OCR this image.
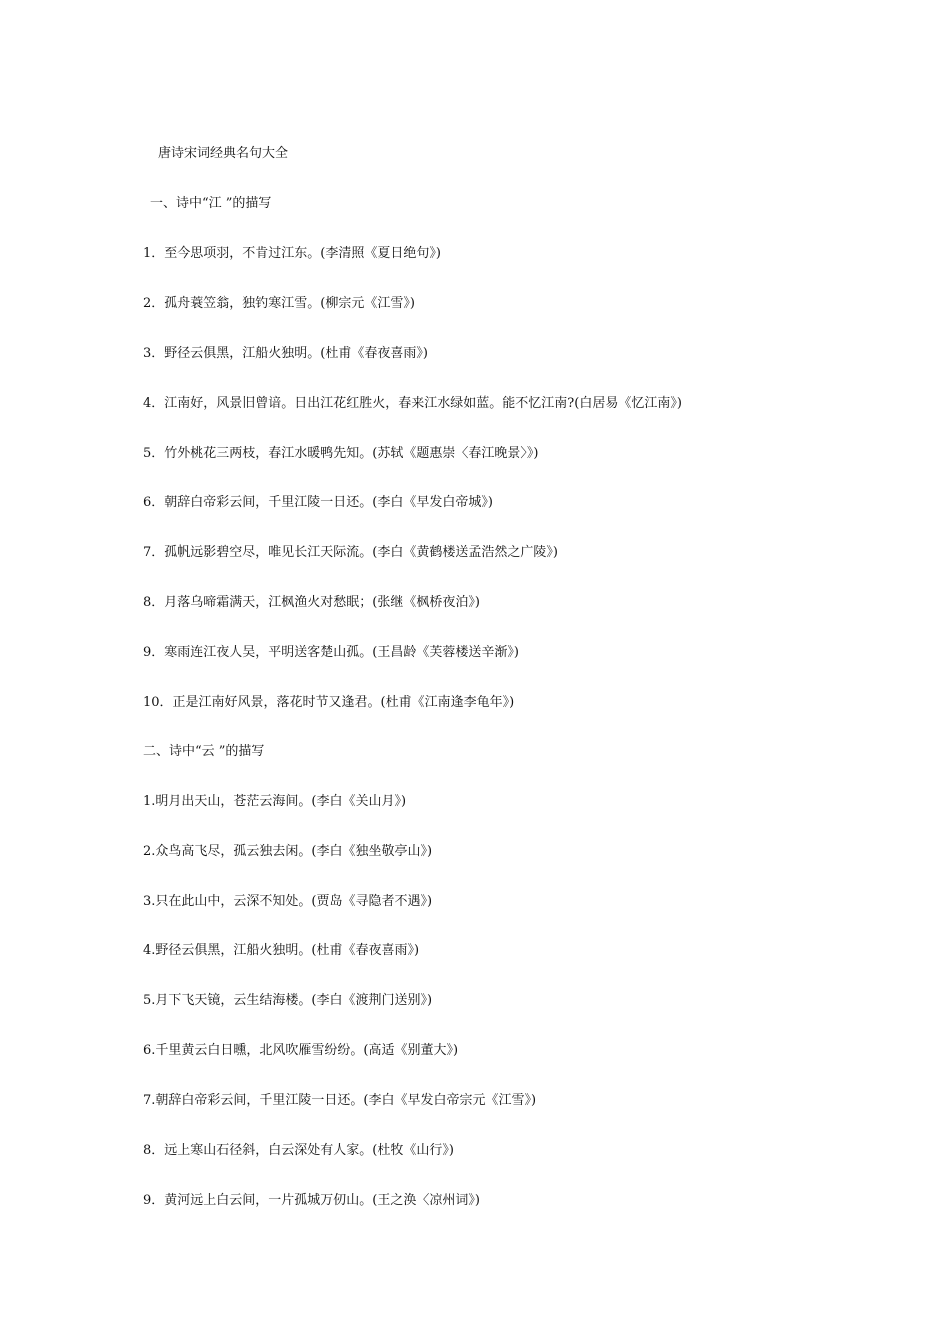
唐诗宋词经典名句大全
一、诗中“江 ”的描写
1．至今思项羽，不肯过江东。(李清照《夏日绝句》)
2．孤舟蓑笠翁，独钓寒江雪。(柳宗元《江雪》)
3．野径云俱黑，江船火独明。(杜甫《春夜喜雨》)
4．江南好，风景旧曾谙。日出江花红胜火，春来江水绿如蓝。能不忆江南?(白居易《忆江南》)
5．竹外桃花三两枝，春江水暖鸭先知。(苏轼《题惠崇〈春江晚景〉》)
6．朝辞白帝彩云间，千里江陵一日还。(李白《早发白帝城》)
7．孤帆远影碧空尽，唯见长江天际流。(李白《黄鹤楼送孟浩然之广陵》)
8．月落乌啼霜满天，江枫渔火对愁眠；(张继《枫桥夜泊》)
9．寒雨连江夜人吴，平明送客楚山孤。(王昌龄《芙蓉楼送辛渐》)
10．正是江南好风景，落花时节又逢君。(杜甫《江南逢李龟年》)
二、诗中“云 ”的描写
1.明月出天山，苍茫云海间。(李白《关山月》)
2.众鸟高飞尽，孤云独去闲。(李白《独坐敬亭山》)
3.只在此山中，云深不知处。(贾岛《寻隐者不遇》)
4.野径云俱黑，江船火独明。(杜甫《春夜喜雨》)
5.月下飞天镜，云生结海楼。(李白《渡荆门送别》)
6.千里黄云白日曛，北风吹雁雪纷纷。(高适《别董大》)
7.朝辞白帝彩云间，千里江陵一日还。(李白《早发白帝宗元《江雪》)
8．远上寒山石径斜，白云深处有人家。(杜牧《山行》)
9．黄河远上白云间，一片孤城万仞山。(王之涣〈凉州词》)
